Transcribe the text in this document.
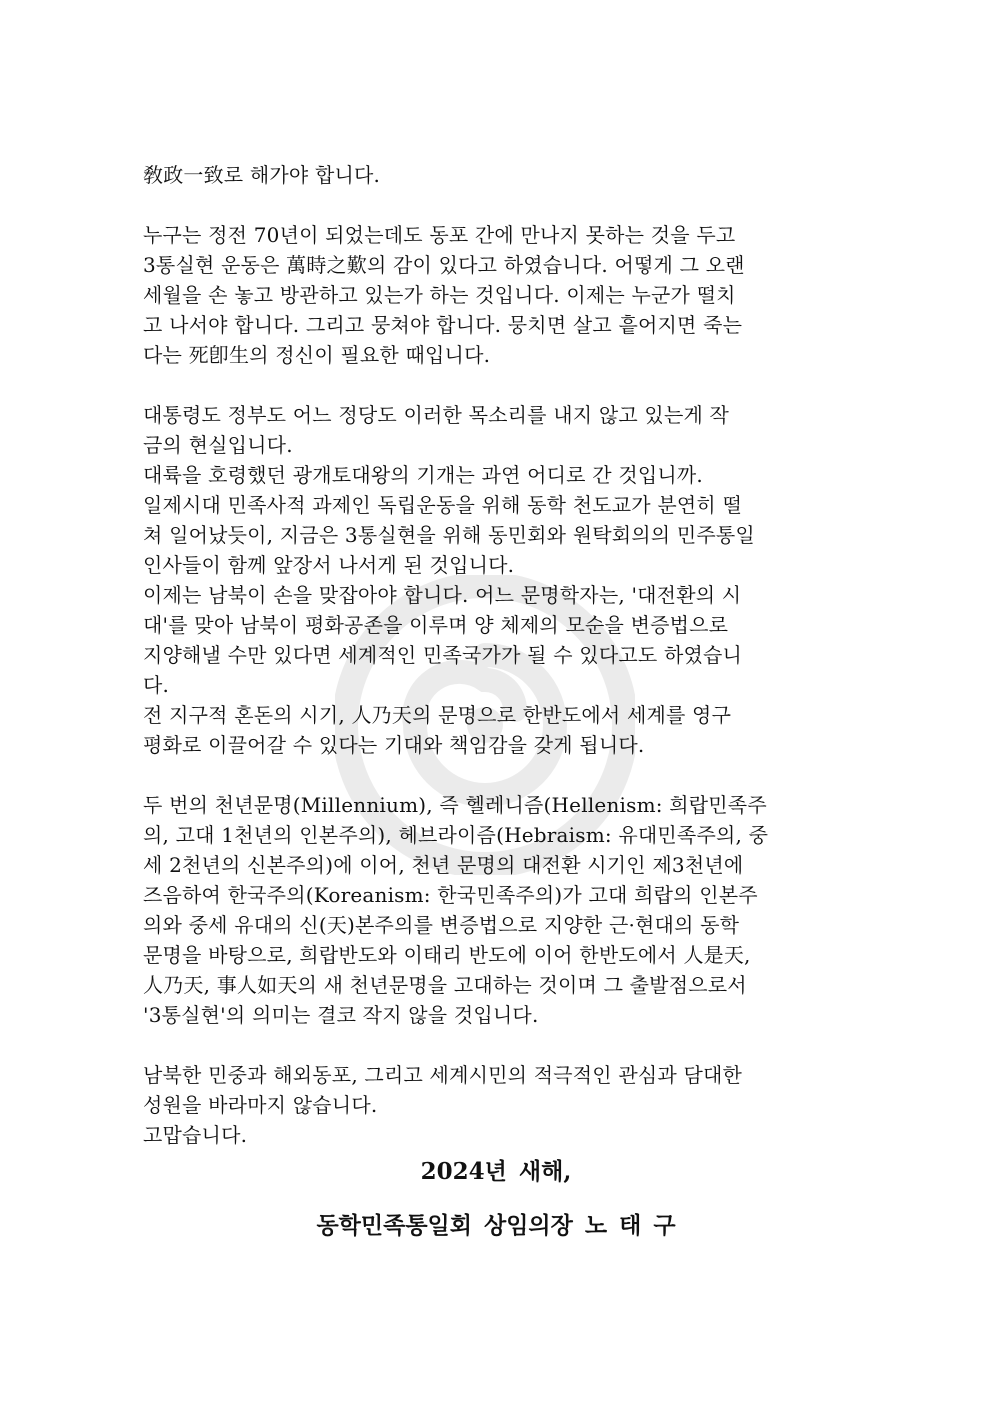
敎政一致로 해가야 합니다.
누구는 정전 70년이 되었는데도 동포 간에 만나지 못하는 것을 두고
3통실현 운동은 萬時之歎의 감이 있다고 하였습니다. 어떻게 그 오랜
세월을 손 놓고 방관하고 있는가 하는 것입니다. 이제는 누군가 떨치
고 나서야 합니다. 그리고 뭉쳐야 합니다. 뭉치면 살고 흩어지면 죽는
다는 死卽生의 정신이 필요한 때입니다.
대통령도 정부도 어느 정당도 이러한 목소리를 내지 않고 있는게 작
금의 현실입니다.
대륙을 호령했던 광개토대왕의 기개는 과연 어디로 간 것입니까.
일제시대 민족사적 과제인 독립운동을 위해 동학 천도교가 분연히 떨
쳐 일어났듯이, 지금은 3통실현을 위해 동민회와 원탁회의의 민주통일
인사들이 함께 앞장서 나서게 된 것입니다.
이제는 남북이 손을 맞잡아야 합니다. 어느 문명학자는, '대전환의 시
대'를 맞아 남북이 평화공존을 이루며 양 체제의 모순을 변증법으로
지양해낼 수만 있다면 세계적인 민족국가가 될 수 있다고도 하였습니
다.
전 지구적 혼돈의 시기, 人乃天의 문명으로 한반도에서 세계를 영구
평화로 이끌어갈 수 있다는 기대와 책임감을 갖게 됩니다.
두 번의 천년문명(Millennium), 즉 헬레니즘(Hellenism: 희랍민족주
의, 고대 1천년의 인본주의), 헤브라이즘(Hebraism: 유대민족주의, 중
세 2천년의 신본주의)에 이어, 천년 문명의 대전환 시기인 제3천년에
즈음하여 한국주의(Koreanism: 한국민족주의)가 고대 희랍의 인본주
의와 중세 유대의 신(天)본주의를 변증법으로 지양한 근·현대의 동학
문명을 바탕으로, 희랍반도와 이태리 반도에 이어 한반도에서 人是天,
人乃天, 事人如天의 새 천년문명을 고대하는 것이며 그 출발점으로서
'3통실현'의 의미는 결코 작지 않을 것입니다.
남북한 민중과 해외동포, 그리고 세계시민의 적극적인 관심과 담대한
성원을 바라마지 않습니다.
고맙습니다.
2024년 새해,
동학민족통일회 상임의장 노 태 구
